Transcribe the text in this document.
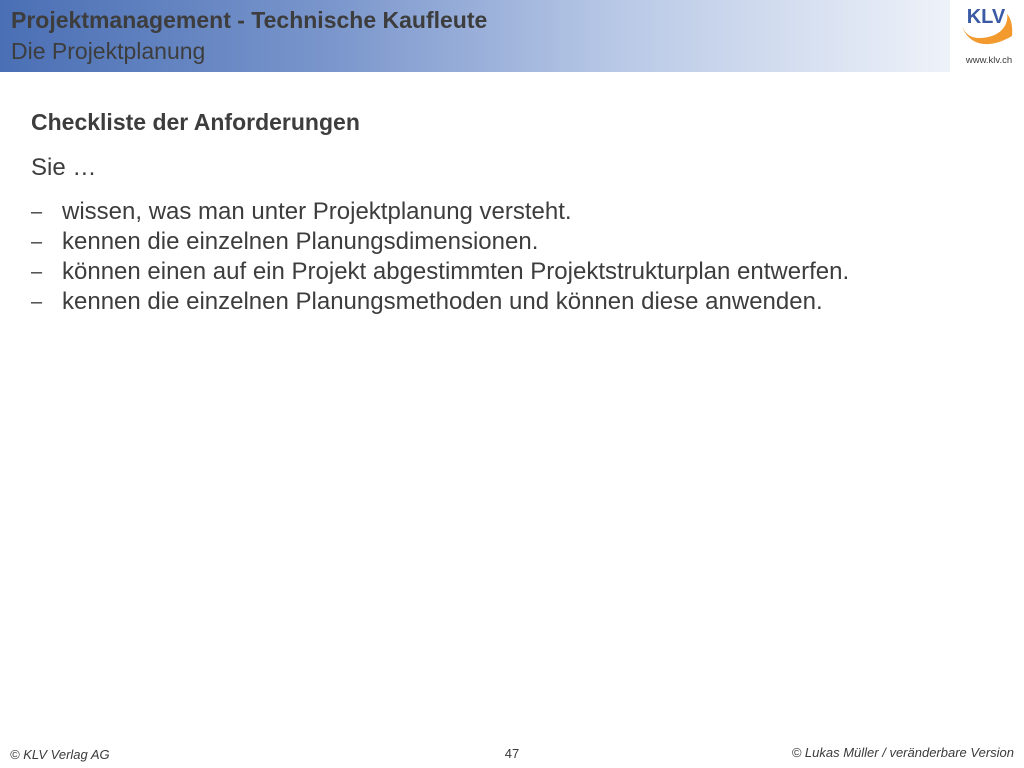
Projektmanagement - Technische Kaufleute
Die Projektplanung
KLV
www.klv.ch
Checkliste der Anforderungen
Sie …
– wissen, was man unter Projektplanung versteht.
– kennen die einzelnen Planungsdimensionen.
– können einen auf ein Projekt abgestimmten Projektstrukturplan entwerfen.
– kennen die einzelnen Planungsmethoden und können diese anwenden.
© KLV Verlag AG	47	© Lukas Müller / veränderbare Version
